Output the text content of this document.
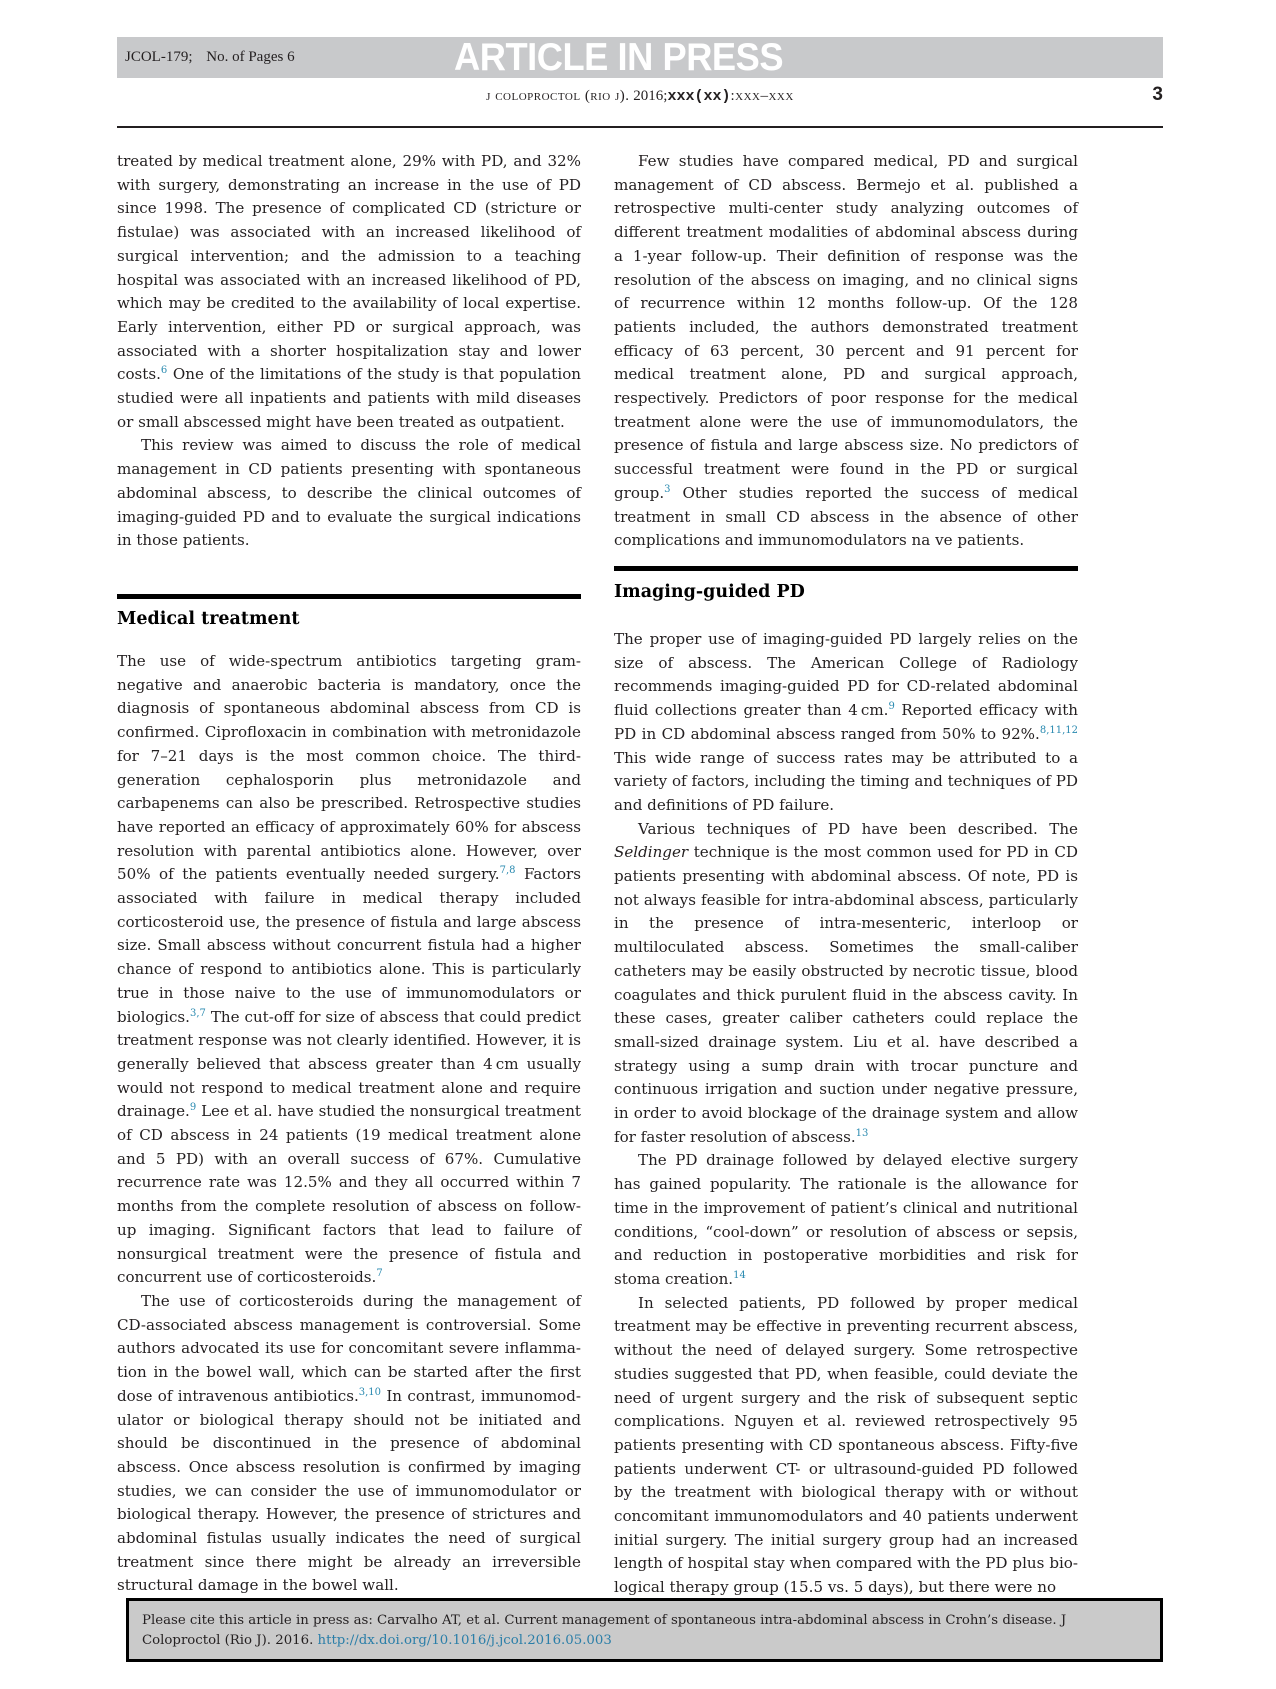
JCOL-179; No. of Pages 6	ARTICLE IN PRESS
j coloproctol (rio j). 2016;xxx(xx):xxx–xxx	3

treated by medical treatment alone, 29% with PD, and 32% with surgery, demonstrating an increase in the use of PD since 1998. The presence of complicated CD (stricture or fistulae) was associated with an increased likelihood of surgical intervention; and the admission to a teaching hospital was associated with an increased likelihood of PD, which may be credited to the availability of local expertise. Early intervention, either PD or surgical approach, was associated with a shorter hospitalization stay and lower costs.$^6$ One of the limitations of the study is that population studied were all inpatients and patients with mild diseases or small abscessed might have been treated as outpatient.

This review was aimed to discuss the role of medical management in CD patients presenting with spontaneous abdominal abscess, to describe the clinical outcomes of imaging-guided PD and to evaluate the surgical indications in those patients.

Medical treatment

The use of wide-spectrum antibiotics targeting gram-negative and anaerobic bacteria is mandatory, once the diagnosis of spontaneous abdominal abscess from CD is confirmed. Ciprofloxacin in combination with metronidazole for 7–21 days is the most common choice. The third-generation cephalosporin plus metronidazole and carbapenems can also be prescribed. Retrospective studies have reported an efficacy of approximately 60% for abscess resolution with parental antibiotics alone. However, over 50% of the patients eventually needed surgery.$^{7,8}$ Factors associated with failure in medical therapy included corticosteroid use, the presence of fistula and large abscess size. Small abscess without concurrent fistula had a higher chance of respond to antibiotics alone. This is particularly true in those naive to the use of immunomodulators or biologics.$^{3,7}$ The cut-off for size of abscess that could predict treatment response was not clearly identified. However, it is generally believed that abscess greater than 4 cm usually would not respond to medical treatment alone and require drainage.$^9$ Lee et al. have studied the nonsurgical treatment of CD abscess in 24 patients (19 medical treatment alone and 5 PD) with an overall success of 67%. Cumulative recurrence rate was 12.5% and they all occurred within 7 months from the complete resolution of abscess on follow-up imaging. Significant factors that lead to failure of nonsurgical treatment were the presence of fistula and concurrent use of corticosteroids.$^7$

The use of corticosteroids during the management of CD-associated abscess management is controversial. Some authors advocated its use for concomitant severe inflammation in the bowel wall, which can be started after the first dose of intravenous antibiotics.$^{3,10}$ In contrast, immunomodulator or biological therapy should not be initiated and should be discontinued in the presence of abdominal abscess. Once abscess resolution is confirmed by imaging studies, we can consider the use of immunomodulator or biological therapy. However, the presence of strictures and abdominal fistulas usually indicates the need of surgical treatment since there might be already an irreversible structural damage in the bowel wall.

Few studies have compared medical, PD and surgical management of CD abscess. Bermejo et al. published a retrospective multi-center study analyzing outcomes of different treatment modalities of abdominal abscess during a 1-year follow-up. Their definition of response was the resolution of the abscess on imaging, and no clinical signs of recurrence within 12 months follow-up. Of the 128 patients included, the authors demonstrated treatment efficacy of 63 percent, 30 percent and 91 percent for medical treatment alone, PD and surgical approach, respectively. Predictors of poor response for the medical treatment alone were the use of immunomodulators, the presence of fistula and large abscess size. No predictors of successful treatment were found in the PD or surgical group.$^3$ Other studies reported the success of medical treatment in small CD abscess in the absence of other complications and immunomodulators na ve patients.

Imaging-guided PD

The proper use of imaging-guided PD largely relies on the size of abscess. The American College of Radiology recommends imaging-guided PD for CD-related abdominal fluid collections greater than 4 cm.$^9$ Reported efficacy with PD in CD abdominal abscess ranged from 50% to 92%.$^{8,11,12}$ This wide range of success rates may be attributed to a variety of factors, including the timing and techniques of PD and definitions of PD failure.

Various techniques of PD have been described. The Seldinger technique is the most common used for PD in CD patients presenting with abdominal abscess. Of note, PD is not always feasible for intra-abdominal abscess, particularly in the presence of intra-mesenteric, interloop or multiloculated abscess. Sometimes the small-caliber catheters may be easily obstructed by necrotic tissue, blood coagulates and thick purulent fluid in the abscess cavity. In these cases, greater caliber catheters could replace the small-sized drainage system. Liu et al. have described a strategy using a sump drain with trocar puncture and continuous irrigation and suction under negative pressure, in order to avoid blockage of the drainage system and allow for faster resolution of abscess.$^{13}$

The PD drainage followed by delayed elective surgery has gained popularity. The rationale is the allowance for time in the improvement of patient’s clinical and nutritional conditions, “cool-down” or resolution of abscess or sepsis, and reduction in postoperative morbidities and risk for stoma creation.$^{14}$

In selected patients, PD followed by proper medical treatment may be effective in preventing recurrent abscess, without the need of delayed surgery. Some retrospective studies suggested that PD, when feasible, could deviate the need of urgent surgery and the risk of subsequent septic complications. Nguyen et al. reviewed retrospectively 95 patients presenting with CD spontaneous abscess. Fifty-five patients underwent CT- or ultrasound-guided PD followed by the treatment with biological therapy with or without concomitant immunomodulators and 40 patients underwent initial surgery. The initial surgery group had an increased length of hospital stay when compared with the PD plus biological therapy group (15.5 vs. 5 days), but there were no

Please cite this article in press as: Carvalho AT, et al. Current management of spontaneous intra-abdominal abscess in Crohn’s disease. J Coloproctol (Rio J). 2016. http://dx.doi.org/10.1016/j.jcol.2016.05.003
